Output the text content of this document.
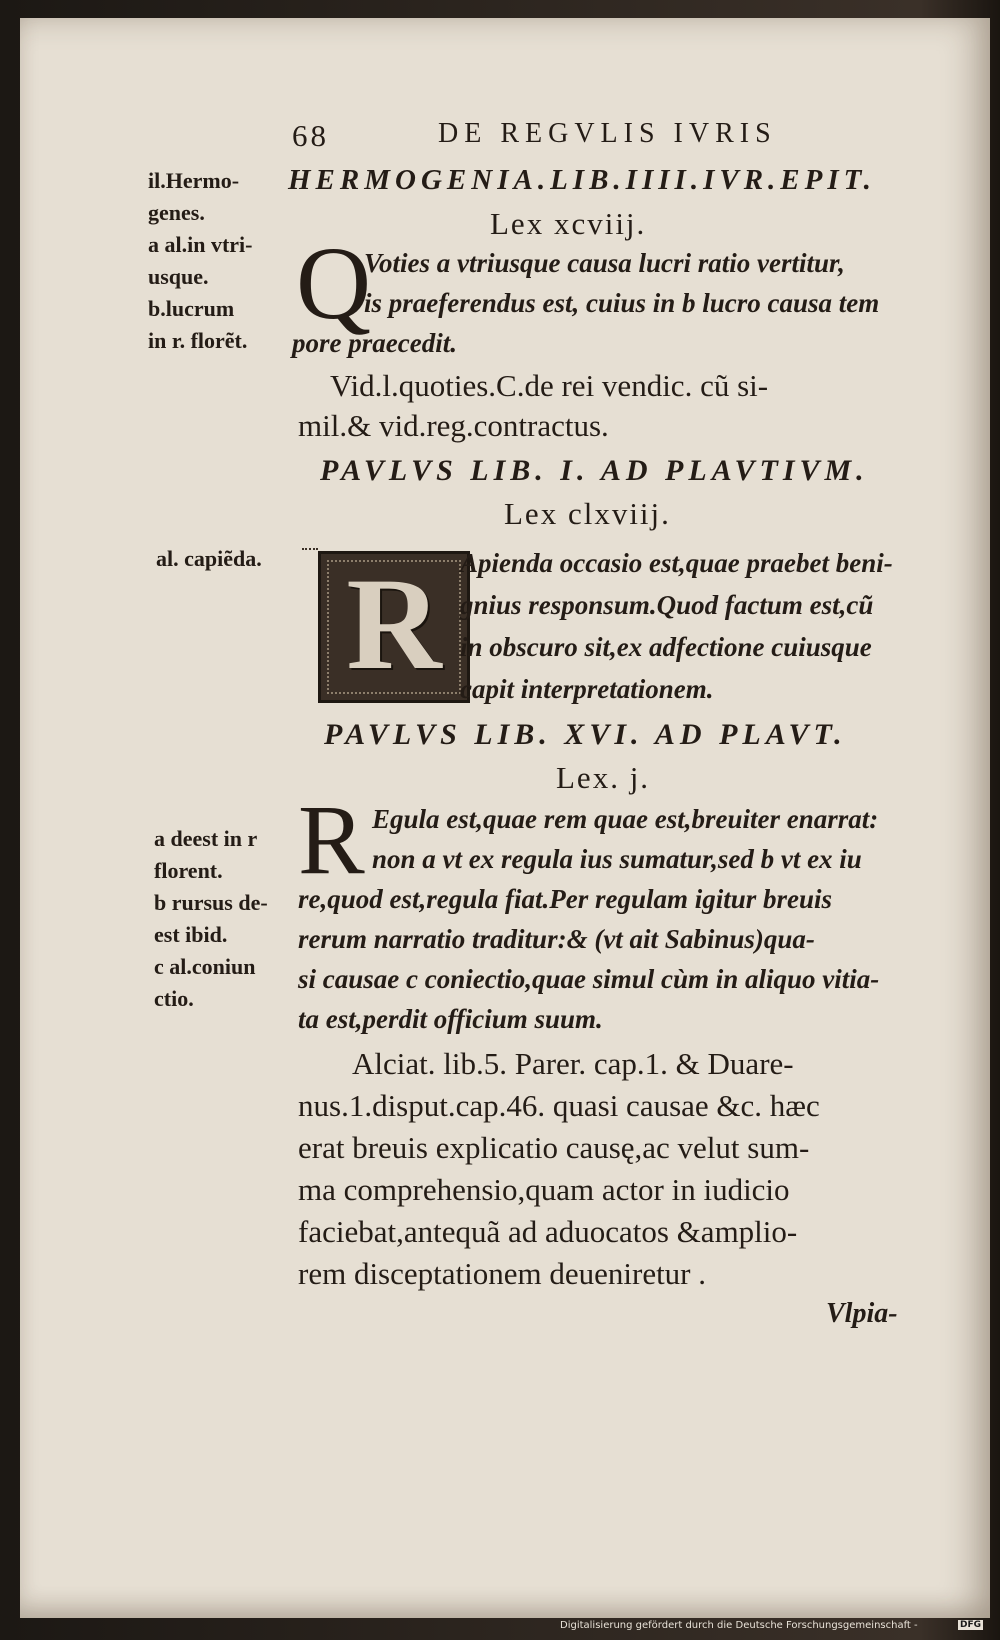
68	DE REGVLIS IVRIS
il.Hermo-
genes.
a al.in vtri-
usque.
b.lucrum
in r. florẽt.
HERMOGENIA.LIB.IIII.IVR.EPIT.
Lex xcviij.
Q
Voties a vtriusque causa lucri ratio vertitur,
is praeferendus est, cuius in b lucro causa tem
pore praecedit.
Vid.l.quoties.C.de rei vendic. cũ si-
mil.& vid.reg.contractus.
PAVLVS LIB. I. AD PLAVTIVM.
Lex clxviij.
al. capiẽda. R Apienda occasio est,quae praebet beni-
gnius responsum.Quod factum est,cũ
in obscuro sit,ex adfectione cuiusque
capit interpretationem.
PAVLVS LIB. XVI. AD PLAVT.
Lex. j.
a deest in r
florent.
b rursus de-
est ibid.
c al.coniun
ctio.
R Egula est,quae rem quae est,breuiter enarrat:
non a vt ex regula ius sumatur,sed b vt ex iu
re,quod est,regula fiat.Per regulam igitur breuis
rerum narratio traditur:& (vt ait Sabinus)qua-
si causae c coniectio,quae simul cùm in aliquo vitia-
ta est,perdit officium suum.
Alciat. lib.5. Parer. cap.1. & Duare-
nus.1.disput.cap.46. quasi causae &c. hæc
erat breuis explicatio causę,ac velut sum-
ma comprehensio,quam actor in iudicio
faciebat,antequã ad aduocatos &amplio-
rem disceptationem deueniretur .
Vlpia-
Digitalisierung gefördert durch die Deutsche Forschungsgemeinschaft -	DFG
